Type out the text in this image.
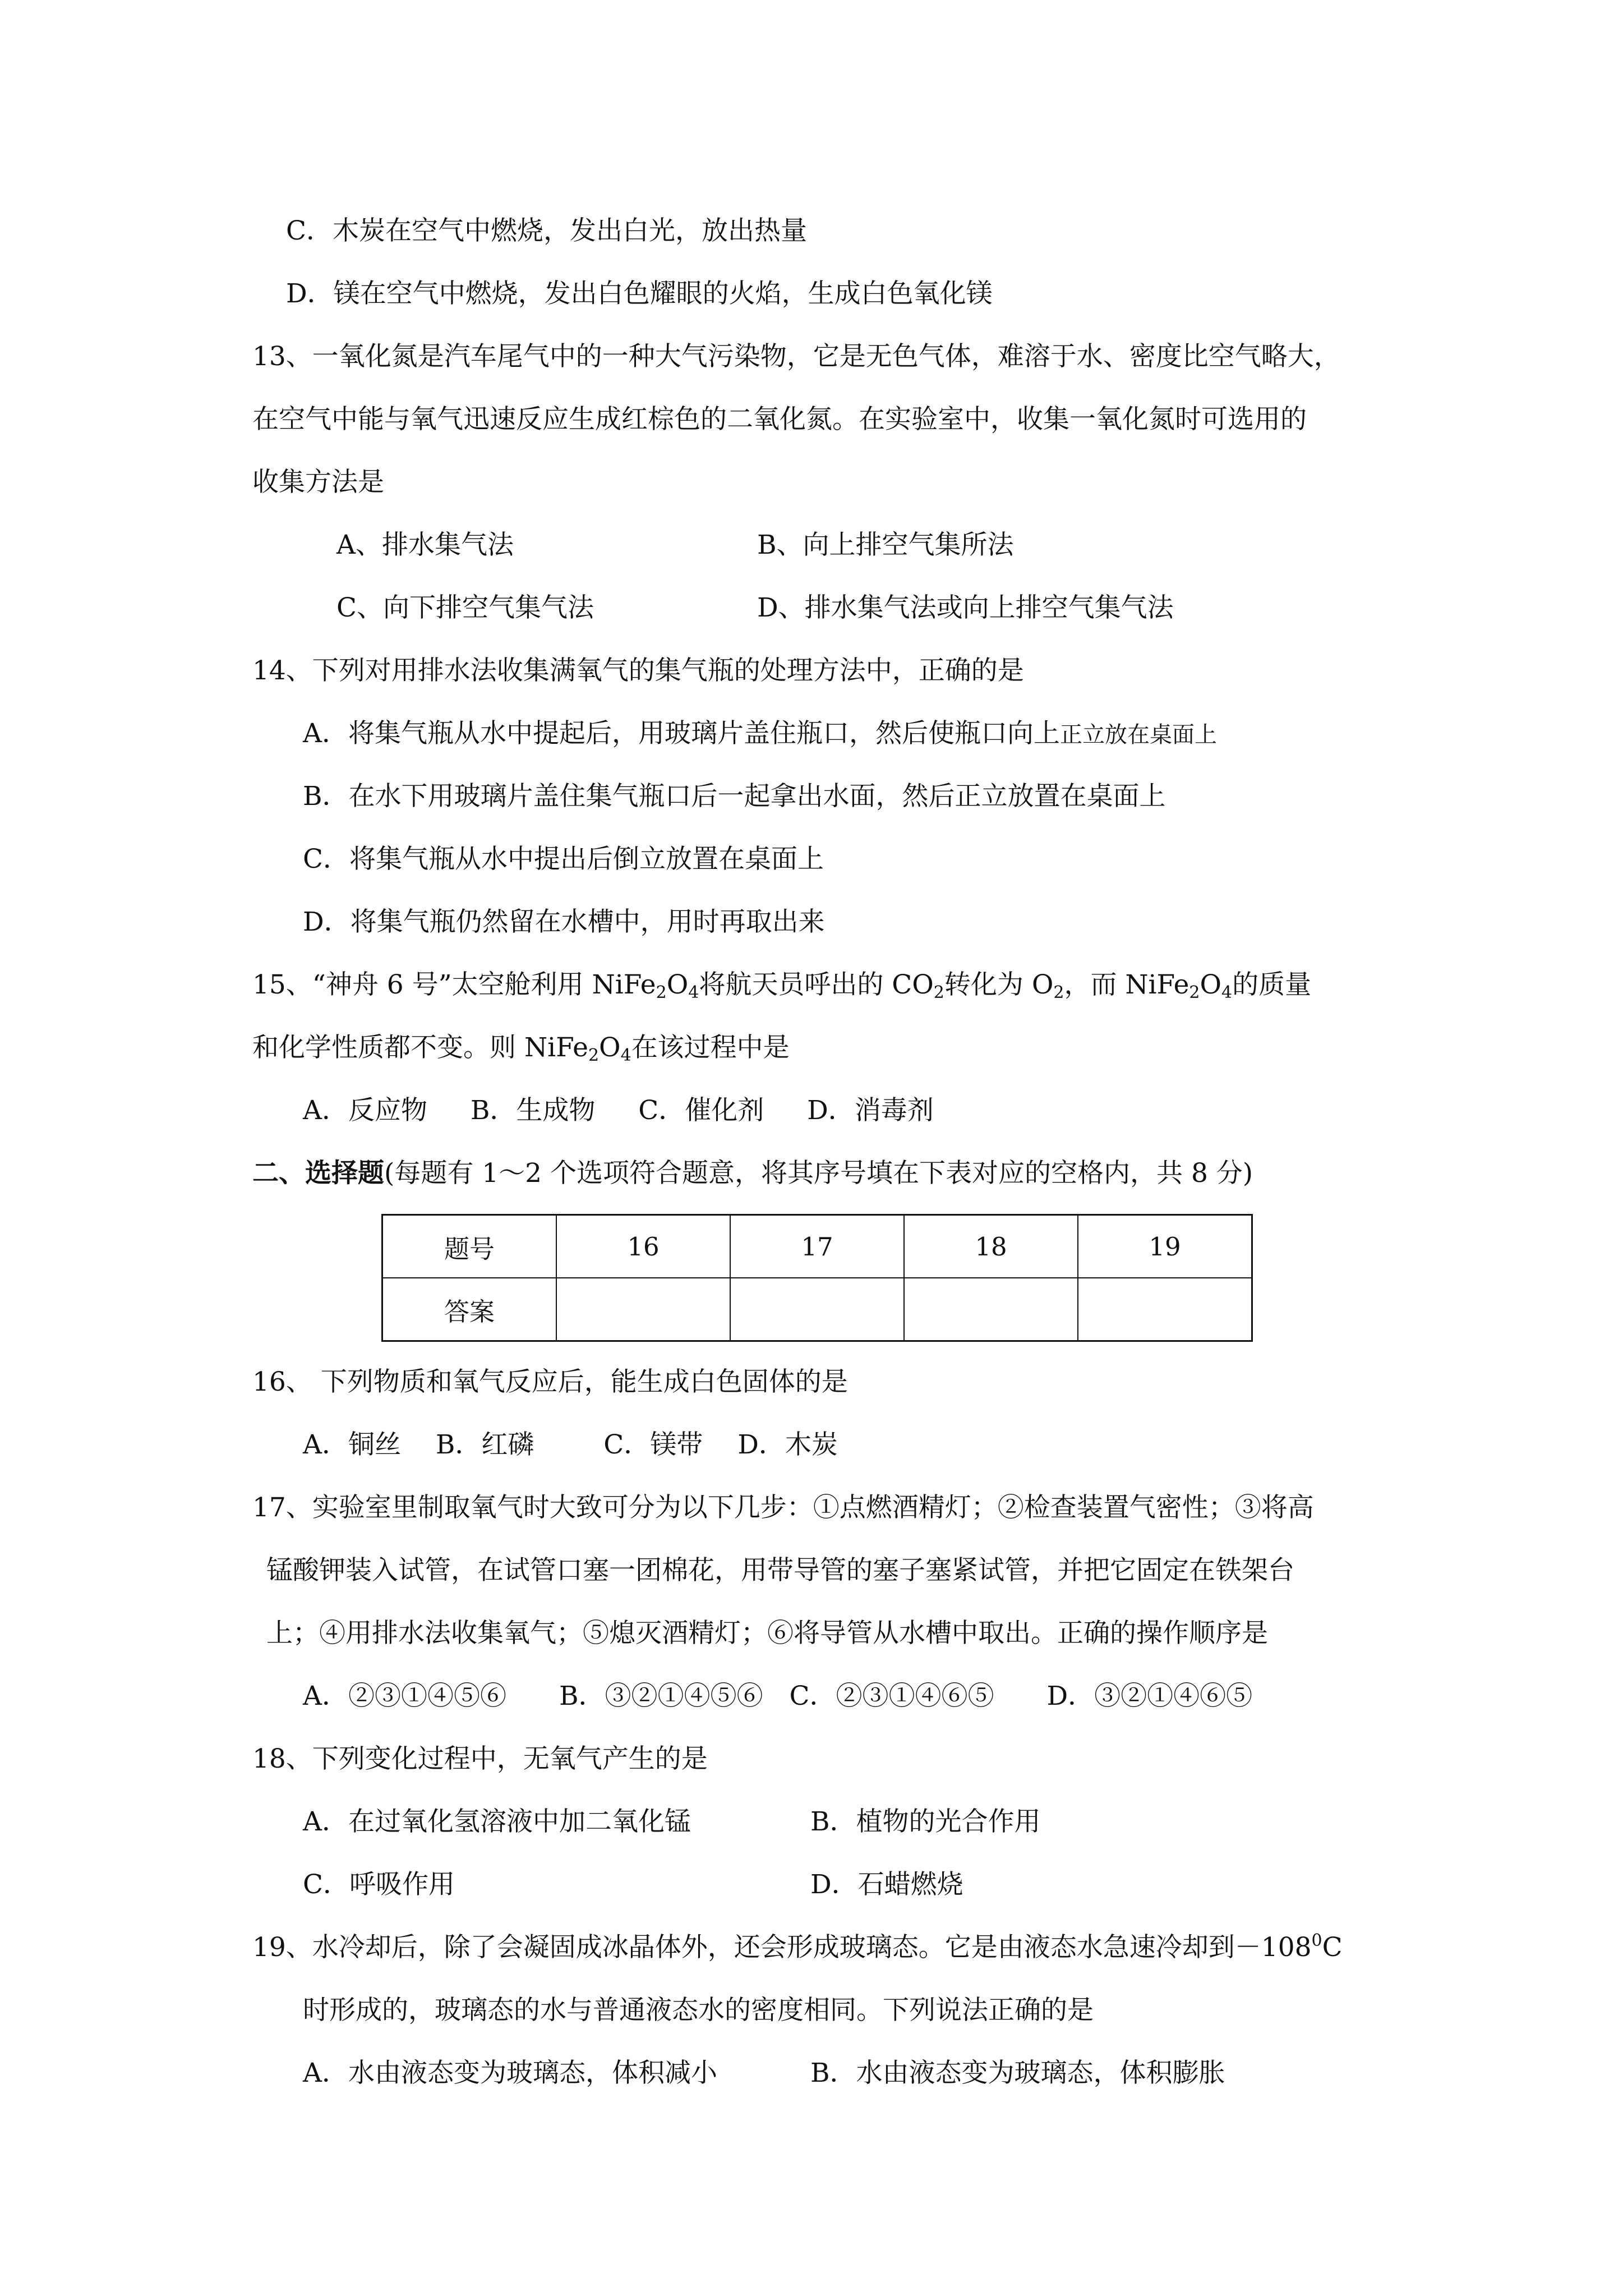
C．木炭在空气中燃烧，发出白光，放出热量
D．镁在空气中燃烧，发出白色耀眼的火焰，生成白色氧化镁
13、一氧化氮是汽车尾气中的一种大气污染物，它是无色气体，难溶于水、密度比空气略大，
在空气中能与氧气迅速反应生成红棕色的二氧化氮。在实验室中，收集一氧化氮时可选用的
收集方法是
A、排水集气法	B、向上排空气集所法
C、向下排空气集气法	D、排水集气法或向上排空气集气法
14、下列对用排水法收集满氧气的集气瓶的处理方法中，正确的是
A．将集气瓶从水中提起后，用玻璃片盖住瓶口，然后使瓶口向上正立放在桌面上
B．在水下用玻璃片盖住集气瓶口后一起拿出水面，然后正立放置在桌面上
C．将集气瓶从水中提出后倒立放置在桌面上
D．将集气瓶仍然留在水槽中，用时再取出来
15、“神舟 6 号”太空舱利用 $NiFe_2O_4$将航天员呼出的 $CO_2$转化为 $O_2$，而 $NiFe_2O_4$的质量
和化学性质都不变。则 $NiFe_2O_4$在该过程中是
A．反应物　  B．生成物　  C．催化剂　  D．消毒剂
二、选择题(每题有 1～2 个选项符合题意，将其序号填在下表对应的空格内，共 8 分)
题号	16	17	18	19
答案				
16、 下列物质和氧气反应后，能生成白色固体的是
A．铜丝　 B．红磷　　  C．镁带　 D．木炭
17、实验室里制取氧气时大致可分为以下几步：①点燃酒精灯；②检查装置气密性；③将高
锰酸钾装入试管，在试管口塞一团棉花，用带导管的塞子塞紧试管，并把它固定在铁架台
上；④用排水法收集氧气；⑤熄灭酒精灯；⑥将导管从水槽中取出。正确的操作顺序是
A．②③①④⑤⑥　　B．③②①④⑤⑥　C．②③①④⑥⑤　　D．③②①④⑥⑤
18、下列变化过程中，无氧气产生的是
A．在过氧化氢溶液中加二氧化锰	B．植物的光合作用
C．呼吸作用	D．石蜡燃烧
19、水冷却后，除了会凝固成冰晶体外，还会形成玻璃态。它是由液态水急速冷却到$-108^0C$
时形成的，玻璃态的水与普通液态水的密度相同。下列说法正确的是
A．水由液态变为玻璃态，体积减小	B．水由液态变为玻璃态，体积膨胀
